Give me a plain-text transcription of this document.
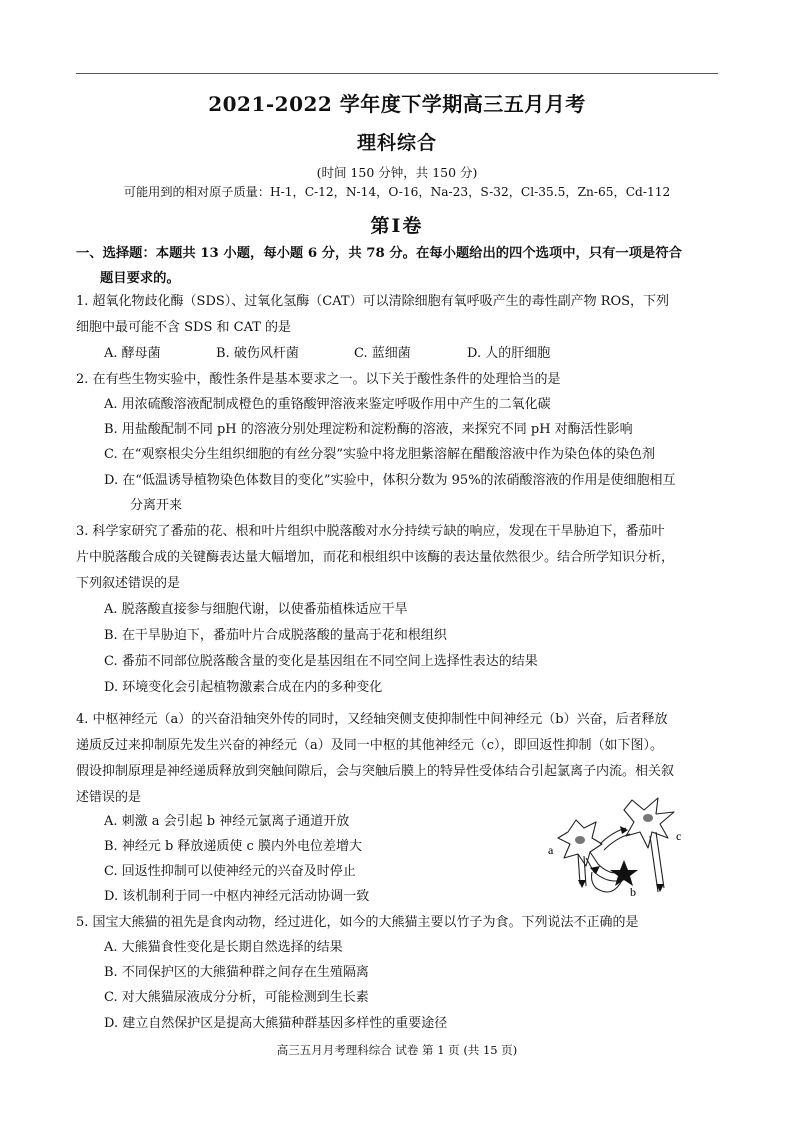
2021-2022 学年度下学期高三五月月考
理科综合
(时间 150 分钟，共 150 分)
可能用到的相对原子质量：H-1，C-12，N-14，O-16，Na-23，S-32，Cl-35.5，Zn-65，Cd-112
第Ⅰ卷
一、选择题：本题共 13 小题，每小题 6 分，共 78 分。在每小题给出的四个选项中，只有一项是符合
题目要求的。
1. 超氧化物歧化酶（SDS）、过氧化氢酶（CAT）可以清除细胞有氧呼吸产生的毒性副产物 ROS，下列
细胞中最可能不含 SDS 和 CAT 的是
A. 酵母菌	B. 破伤风杆菌	C. 蓝细菌	D. 人的肝细胞
2. 在有些生物实验中，酸性条件是基本要求之一。以下关于酸性条件的处理恰当的是
A. 用浓硫酸溶液配制成橙色的重铬酸钾溶液来鉴定呼吸作用中产生的二氧化碳
B. 用盐酸配制不同 pH 的溶液分别处理淀粉和淀粉酶的溶液，来探究不同 pH 对酶活性影响
C. 在“观察根尖分生组织细胞的有丝分裂”实验中将龙胆紫溶解在醋酸溶液中作为染色体的染色剂
D. 在“低温诱导植物染色体数目的变化”实验中，体积分数为 95%的浓硝酸溶液的作用是使细胞相互
分离开来
3. 科学家研究了番茄的花、根和叶片组织中脱落酸对水分持续亏缺的响应，发现在干旱胁迫下，番茄叶
片中脱落酸合成的关键酶表达量大幅增加，而花和根组织中该酶的表达量依然很少。结合所学知识分析，
下列叙述错误的是
A. 脱落酸直接参与细胞代谢，以使番茄植株适应干旱
B. 在干旱胁迫下，番茄叶片合成脱落酸的量高于花和根组织
C. 番茄不同部位脱落酸含量的变化是基因组在不同空间上选择性表达的结果
D. 环境变化会引起植物激素合成在内的多种变化
4. 中枢神经元（a）的兴奋沿轴突外传的同时，又经轴突侧支使抑制性中间神经元（b）兴奋，后者释放
递质反过来抑制原先发生兴奋的神经元（a）及同一中枢的其他神经元（c），即回返性抑制（如下图）。
假设抑制原理是神经递质释放到突触间隙后，会与突触后膜上的特异性受体结合引起氯离子内流。相关叙
述错误的是
A. 刺激 a 会引起 b 神经元氯离子通道开放
B. 神经元 b 释放递质使 c 膜内外电位差增大
C. 回返性抑制可以使神经元的兴奋及时停止
D. 该机制利于同一中枢内神经元活动协调一致
a
b
c
5. 国宝大熊猫的祖先是食肉动物，经过进化，如今的大熊猫主要以竹子为食。下列说法不正确的是
A. 大熊猫食性变化是长期自然选择的结果
B. 不同保护区的大熊猫种群之间存在生殖隔离
C. 对大熊猫尿液成分分析，可能检测到生长素
D. 建立自然保护区是提高大熊猫种群基因多样性的重要途径
高三五月月考理科综合 试卷 第 1 页 (共 15 页)
